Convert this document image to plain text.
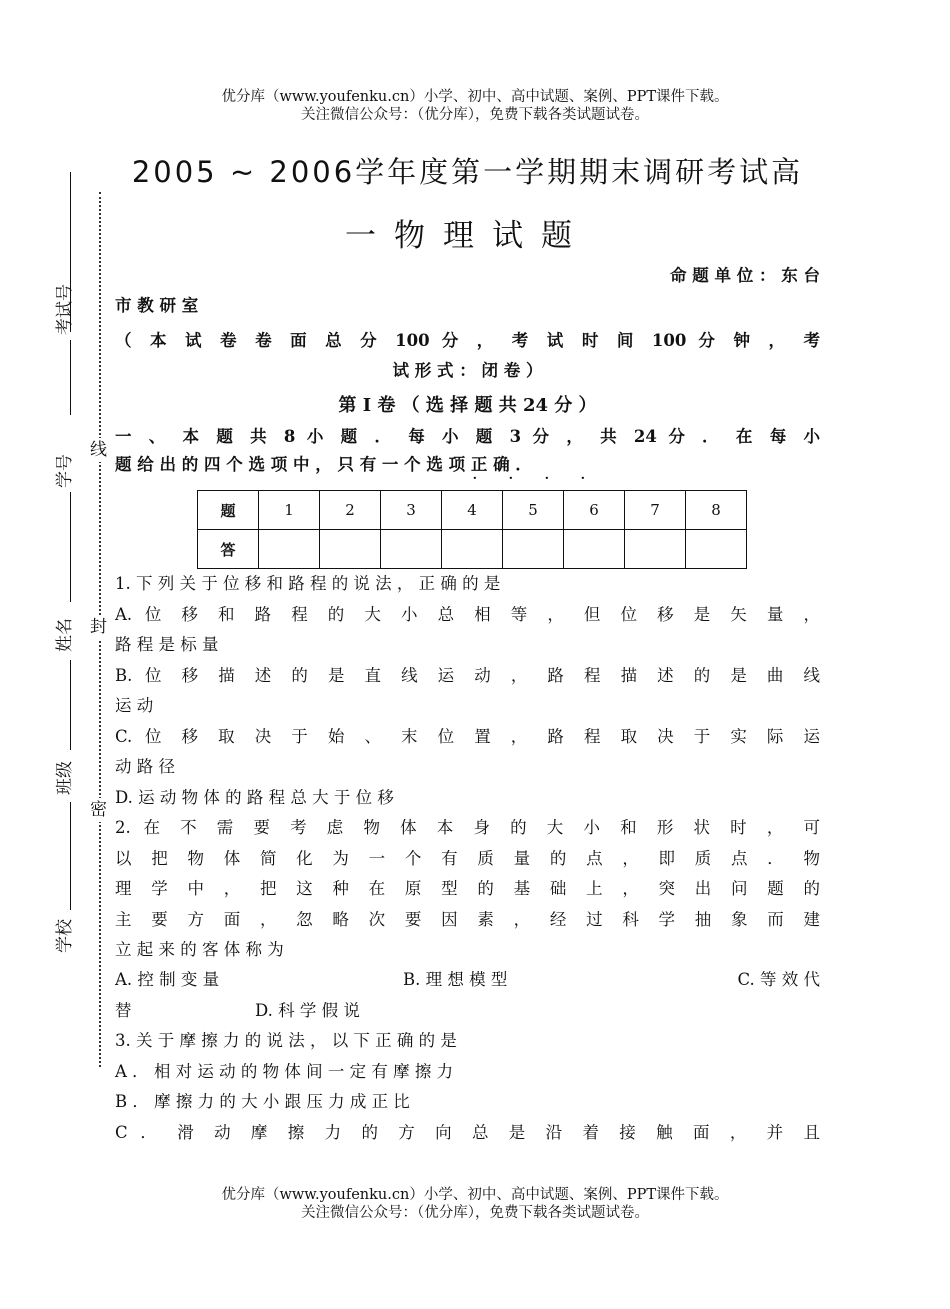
优分库（www.youfenku.cn）小学、初中、高中试题、案例、PPT课件下载。
关注微信公众号：（优分库），免费下载各类试题试卷。
考试号
学号
姓名
班级
学校
线
封
密
2005 ~ 2006学年度第一学期期末调研考试高
一物理试题
命 题 单 位 ： 东 台
市 教 研 室
（ 本 试 卷 卷 面 总 分 100 分 ， 考 试 时 间 100 分 钟 ， 考
试 形 式 ： 闭 卷 ）
第 Ⅰ 卷 （ 选 择 题 共 24 分 ）
一 、 本 题 共 8 小 题 ． 每 小 题 3 分 ， 共 24 分 ． 在 每 小
题 给 出 的 四 个 选 项 中 ， 只 有 一 个 选 项 正 确 ．
· · · ·
题	1	2	3	4	5	6	7	8
答								
1. 下 列 关 于 位 移 和 路 程 的 说 法 ， 正 确 的 是
A. 位 移 和 路 程 的 大 小 总 相 等 ， 但 位 移 是 矢 量 ，
路 程 是 标 量
B. 位 移 描 述 的 是 直 线 运 动 ， 路 程 描 述 的 是 曲 线
运 动
C. 位 移 取 决 于 始 、 末 位 置 ， 路 程 取 决 于 实 际 运
动 路 径
D. 运 动 物 体 的 路 程 总 大 于 位 移
2. 在 不 需 要 考 虑 物 体 本 身 的 大 小 和 形 状 时 ， 可
以 把 物 体 简 化 为 一 个 有 质 量 的 点 ， 即 质 点 ． 物
理 学 中 ， 把 这 种 在 原 型 的 基 础 上 ， 突 出 问 题 的
主 要 方 面 ， 忽 略 次 要 因 素 ， 经 过 科 学 抽 象 而 建
立 起 来 的 客 体 称 为
A. 控 制 变 量	B. 理 想 模 型	C. 等 效 代
替	D. 科 学 假 说
3. 关 于 摩 擦 力 的 说 法 ， 以 下 正 确 的 是
A ． 相 对 运 动 的 物 体 间 一 定 有 摩 擦 力
B ． 摩 擦 力 的 大 小 跟 压 力 成 正 比
C ． 滑 动 摩 擦 力 的 方 向 总 是 沿 着 接 触 面 ， 并 且
优分库（www.youfenku.cn）小学、初中、高中试题、案例、PPT课件下载。
关注微信公众号：（优分库），免费下载各类试题试卷。
